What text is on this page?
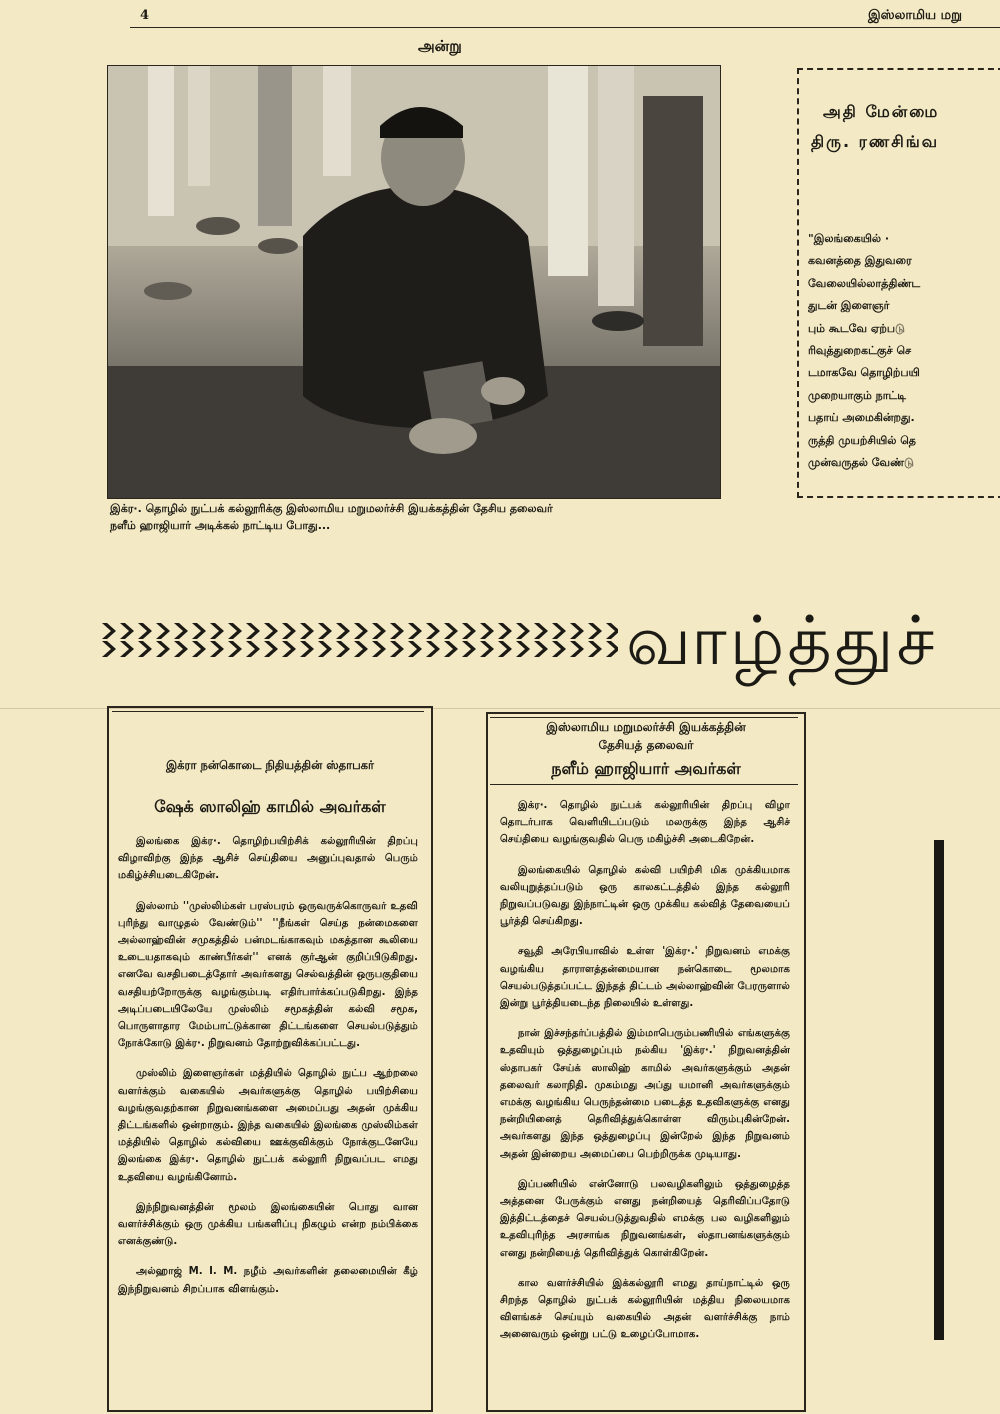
4	இஸ்லாமிய மறு
அன்று
இக்ர·. தொழில் நுட்பக் கல்லூரிக்கு இஸ்லாமிய மறுமலர்ச்சி இயக்கத்தின் தேசிய தலைவர்
நளீம் ஹாஜியார் அடிக்கல் நாட்டிய போது...
அதி மேன்மை
திரு. ரணசிங்வ
"இலங்கையில் ·
கவனத்தை இதுவரை
வேலையில்லாத்திண்ட
துடன் இளைஞர்
பும் கூடவே ஏற்படு
ரிவுத்துறைகட்குச் செ
டமாகவே தொழிற்பயி
முறையாகும் நாட்டி
பதாய் அமைகின்றது.
ருத்தி முயற்சியில் தெ
முன்வருதல் வேண்டு
வாழ்த்துச்
இக்ரா நன்கொடை நிதியத்தின் ஸ்தாபகர்
ஷேக் ஸாலிஹ் காமில் அவர்கள்

இலங்கை இக்ர·. தொழிற்பயிற்சிக் கல்லூரியின் திறப்பு விழாவிற்கு இந்த ஆசிச் செய்தியை அனுப்புவதால் பெரும் மகிழ்ச்சியடைகிறேன்.

இஸ்லாம் ''முஸ்லிம்கள் பரஸ்பரம் ஒருவருக்கொருவர் உதவி புரிந்து வாழுதல் வேண்டும்'' ''நீங்கள் செய்த நன்மைகளை அல்லாஹ்வின் சமுகத்தில் பன்மடங்காகவும் மகத்தான கூலியை உடையதாகவும் காண்பீர்கள்'' எனக் குர்ஆன் குறிப்பிடுகிறது. எனவே வசதிபடைத்தோர் அவர்களது செல்வத்தின் ஒருபகுதியை வசதியற்றோருக்கு வழங்கும்படி எதிர்பார்க்கப்படுகிறது. இந்த அடிப்படையிலேயே முஸ்லிம் சமூகத்தின் கல்வி சமூக, பொருளாதார மேம்பாட்டுக்கான திட்டங்களை செயல்படுத்தும் நோக்கோடு இக்ர·. நிறுவனம் தோற்றுவிக்கப்பட்டது.

முஸ்லிம் இளைஞர்கள் மத்தியில் தொழில் நுட்ப ஆற்றலை வளர்க்கும் வகையில் அவர்களுக்கு தொழில் பயிற்சியை வழங்குவதற்கான நிறுவனங்களை அமைப்பது அதன் முக்கிய திட்டங்களில் ஒன்றாகும். இந்த வகையில் இலங்கை முஸ்லிம்கள் மத்தியில் தொழில் கல்வியை ஊக்குவிக்கும் நோக்குடனேயே இலங்கை இக்ர·. தொழில் நுட்பக் கல்லூரி நிறுவப்பட எமது உதவியை வழங்கினோம்.

இந்நிறுவனத்தின் மூலம் இலங்கையின் பொது வான வளர்ச்சிக்கும் ஒரு முக்கிய பங்களிப்பு நிகழும் என்ற நம்பிக்கை எனக்குண்டு.

அல்ஹாஜ் M. I. M. நழீம் அவர்களின் தலைமையின் கீழ் இந்நிறுவனம் சிறப்பாக விளங்கும்.

இஸ்லாமிய மறுமலர்ச்சி இயக்கத்தின்
தேசியத் தலைவர்
நளீம் ஹாஜியார் அவர்கள்

இக்ர·. தொழில் நுட்பக் கல்லூரியின் திறப்பு விழா தொடர்பாக வெளியிடப்படும் மலருக்கு இந்த ஆசிச் செய்தியை வழங்குவதில் பெரு மகிழ்ச்சி அடைகிறேன்.

இலங்கையில் தொழில் கல்வி பயிற்சி மிக முக்கியமாக வலியுறுத்தப்படும் ஒரு காலகட்டத்தில் இந்த கல்லூரி நிறுவப்படுவது இந்நாட்டின் ஒரு முக்கிய கல்வித் தேவையைப் பூர்த்தி செய்கிறது.

சவூதி அரேபியாவில் உள்ள 'இக்ர·.' நிறுவனம் எமக்கு வழங்கிய தாராளத்தன்மையான நன்கொடை மூலமாக செயல்படுத்தப்பட்ட இந்தத் திட்டம் அல்லாஹ்வின் பேரருளால் இன்று பூர்த்தியடைந்த நிலையில் உள்ளது.

நான் இச்சந்தர்ப்பத்தில் இம்மாபெரும்பணியில் எங்களுக்கு உதவியும் ஒத்துழைப்பும் நல்கிய 'இக்ர·.' நிறுவனத்தின் ஸ்தாபகர் சேய்க் ஸாலிஹ் காமில் அவர்களுக்கும் அதன் தலைவர் கலாநிதி. முகம்மது அப்து யமானி அவர்களுக்கும் எமக்கு வழங்கிய பெருந்தன்மை படைத்த உதவிகளுக்கு எனது நன்றியினைத் தெரிவித்துக்கொள்ள விரும்புகின்றேன். அவர்களது இந்த ஒத்துழைப்பு இன்றேல் இந்த நிறுவனம் அதன் இன்றைய அமைப்பை பெற்றிருக்க முடியாது.

இப்பணியில் என்னோடு பலவழிகளிலும் ஒத்துழைத்த அத்தனை பேருக்கும் எனது நன்றியைத் தெரிவிப்பதோடு இத்திட்டத்தைச் செயல்படுத்துவதில் எமக்கு பல வழிகளிலும் உதவிபுரிந்த அரசாங்க நிறுவனங்கள், ஸ்தாபனங்களுக்கும் எனது நன்றியைத் தெரிவித்துக் கொள்கிறேன்.

கால வளர்ச்சியில் இக்கல்லூரி எமது தாய்நாட்டில் ஒரு சிறந்த தொழில் நுட்பக் கல்லூரியின் மத்திய நிலையமாக விளங்கச் செய்யும் வகையில் அதன் வளர்ச்சிக்கு நாம் அனைவரும் ஒன்று பட்டு உழைப்போமாக.
